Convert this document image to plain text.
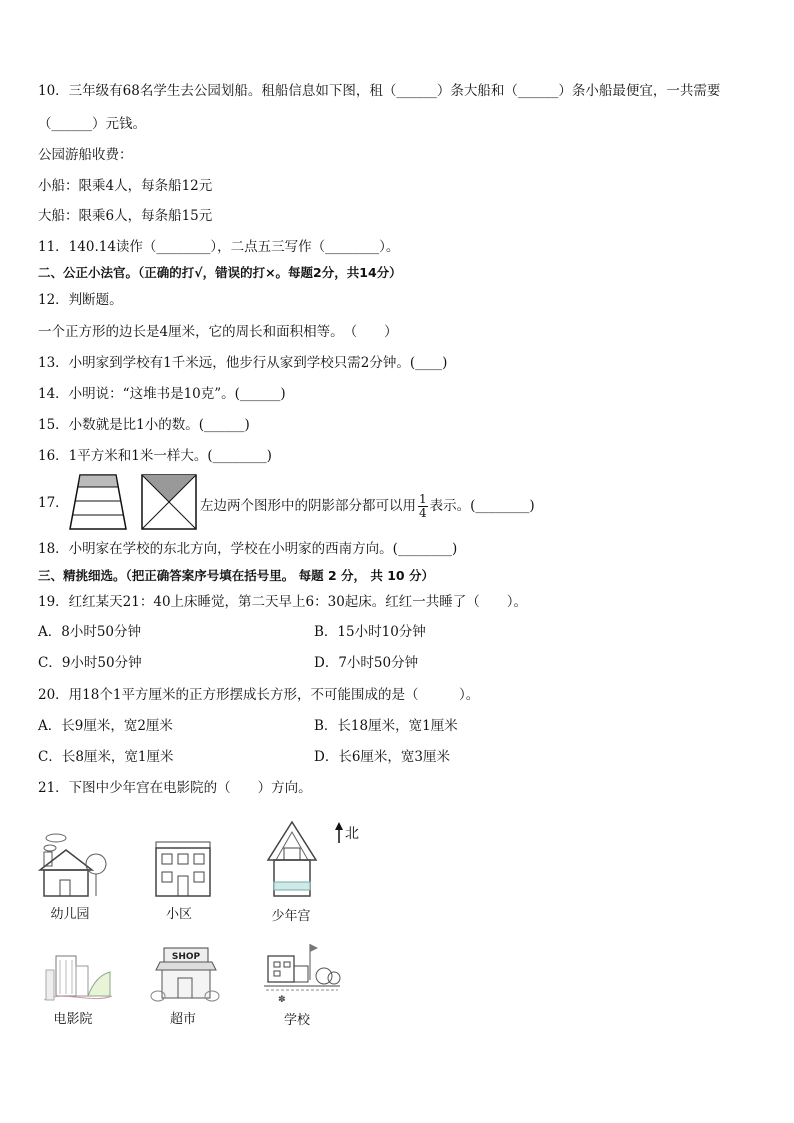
10．三年级有68名学生去公园划船。租船信息如下图，租（______）条大船和（______）条小船最便宜，一共需要
（______）元钱。
公园游船收费：
小船：限乘4人，每条船12元
大船：限乘6人，每条船15元
11．140.14读作（________），二点五三写作（________）。
二、公正小法官。（正确的打√，错误的打×。每题2分，共14分）
12．判断题。
一个正方形的边长是4厘米，它的周长和面积相等。　（　　）
13．小明家到学校有1千米远，他步行从家到学校只需2分钟。(____)
14．小明说：“这堆书是10克”。(______)
15．小数就是比1小的数。(______)
16．1平方米和1米一样大。(________)
17．	左边两个图形中的阴影部分都可以用 $\frac{1}{4}$ 表示。(________)
18．小明家在学校的东北方向，学校在小明家的西南方向。(________)
三、精挑细选。（把正确答案序号填在括号里。 每题 2 分， 共 10 分）
19．红红某天21：40上床睡觉，第二天早上6：30起床。红红一共睡了（　　）。
A．8小时50分钟	B．15小时10分钟
C．9小时50分钟	D．7小时50分钟
20．用18个1平方厘米的正方形摆成长方形，不可能围成的是（　　　）。
A．长9厘米，宽2厘米	B．长18厘米，宽1厘米
C．长8厘米，宽1厘米	D．长6厘米，宽3厘米
21．下图中少年宫在电影院的（　　）方向。
北
幼儿园	小区	少年宫
电影院
SHOP
超市
✽
学校
